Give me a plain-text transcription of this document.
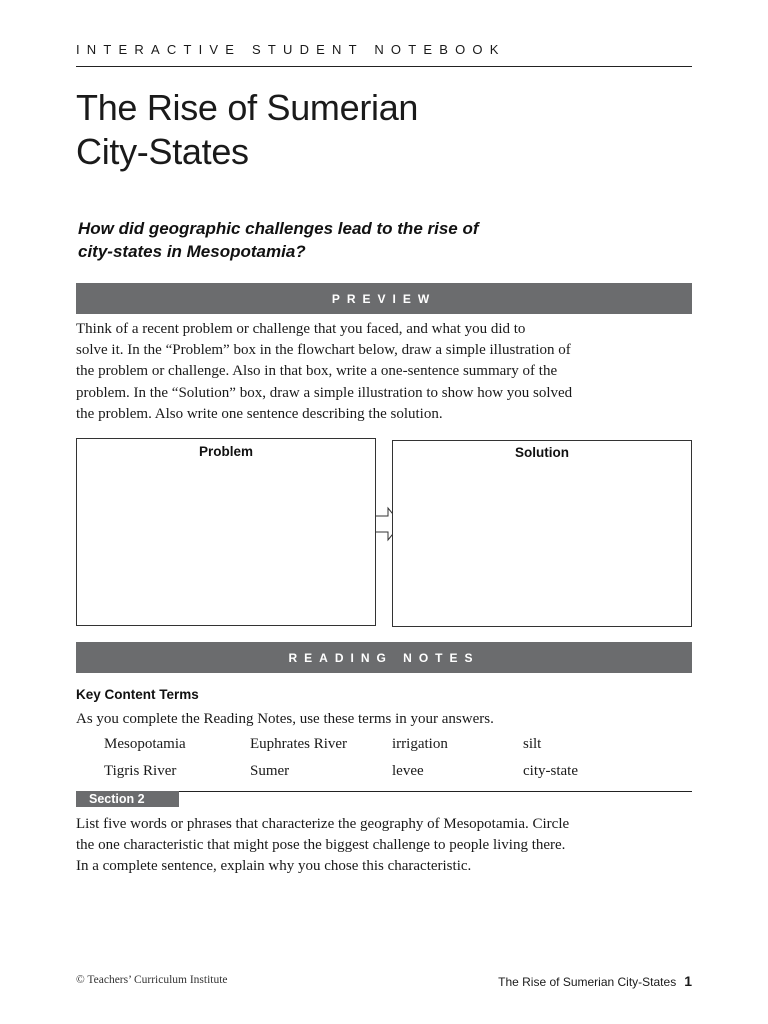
INTERACTIVE STUDENT NOTEBOOK
The Rise of Sumerian
City-States

How did geographic challenges lead to the rise of
city-states in Mesopotamia?

PREVIEW
Think of a recent problem or challenge that you faced, and what you did to
solve it. In the “Problem” box in the flowchart below, draw a simple illustration of
the problem or challenge. Also in that box, write a one-sentence summary of the
problem. In the “Solution” box, draw a simple illustration to show how you solved
the problem. Also write one sentence describing the solution.
Problem	Solution
READING NOTES
Key Content Terms
As you complete the Reading Notes, use these terms in your answers.
Mesopotamia	Euphrates River	irrigation	silt
Tigris River	Sumer	levee	city-state
Section 2
List five words or phrases that characterize the geography of Mesopotamia. Circle
the one characteristic that might pose the biggest challenge to people living there.
In a complete sentence, explain why you chose this characteristic.
© Teachers’ Curriculum Institute	The Rise of Sumerian City-States 1
